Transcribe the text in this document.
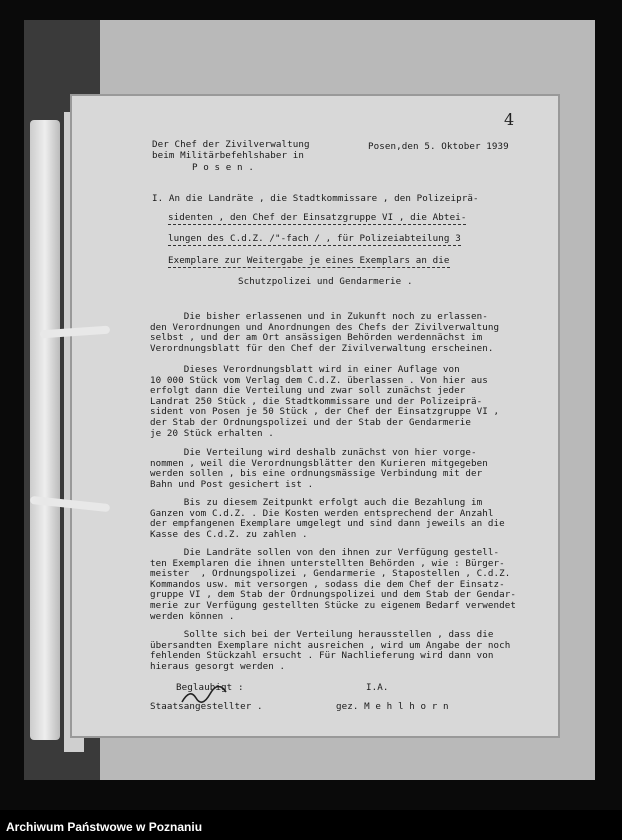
4
Der Chef der Zivilverwaltung
beim Militärbefehlshaber in
P o s e n .
Posen,den 5. Oktober 1939
I. An die Landräte , die Stadtkommissare , den Polizeiprä-
sidenten , den Chef der Einsatzgruppe VI , die Abtei-
lungen des C.d.Z. /"-fach / , für Polizeiabteilung 3
Exemplare zur Weitergabe je eines Exemplars an die
Schutzpolizei und Gendarmerie .
Die bisher erlassenen und in Zukunft noch zu erlassen-
den Verordnungen und Anordnungen des Chefs der Zivilverwaltung
selbst , und der am Ort ansässigen Behörden werdennächst im
Verordnungsblatt für den Chef der Zivilverwaltung erscheinen.
Dieses Verordnungsblatt wird in einer Auflage von
10 000 Stück vom Verlag dem C.d.Z. überlassen . Von hier aus
erfolgt dann die Verteilung und zwar soll zunächst jeder
Landrat 250 Stück , die Stadtkommissare und der Polizeiprä-
sident von Posen je 50 Stück , der Chef der Einsatzgruppe VI ,
der Stab der Ordnungspolizei und der Stab der Gendarmerie
je 20 Stück erhalten .
Die Verteilung wird deshalb zunächst von hier vorge-
nommen , weil die Verordnungsblätter den Kurieren mitgegeben
werden sollen , bis eine ordnungsmässige Verbindung mit der
Bahn und Post gesichert ist .
Bis zu diesem Zeitpunkt erfolgt auch die Bezahlung im
Ganzen vom C.d.Z. . Die Kosten werden entsprechend der Anzahl
der empfangenen Exemplare umgelegt und sind dann jeweils an die
Kasse des C.d.Z. zu zahlen .
Die Landräte sollen von den ihnen zur Verfügung gestell-
ten Exemplaren die ihnen unterstellten Behörden , wie : Bürger-
meister  , Ordnungspolizei , Gendarmerie , Stapostellen , C.d.Z.
Kommandos usw. mit versorgen , sodass die dem Chef der Einsatz-
gruppe VI , dem Stab der Ordnungspolizei und dem Stab der Gendar-
merie zur Verfügung gestellten Stücke zu eigenem Bedarf verwendet
werden können .
Sollte sich bei der Verteilung herausstellen , dass die
übersandten Exemplare nicht ausreichen , wird um Angabe der noch
fehlenden Stückzahl ersucht . Für Nachlieferung wird dann von
hieraus gesorgt werden .
Beglaubigt :
Staatsangestellter .
I.A.
gez. M e h l h o r n
Archiwum Państwowe w Poznaniu
